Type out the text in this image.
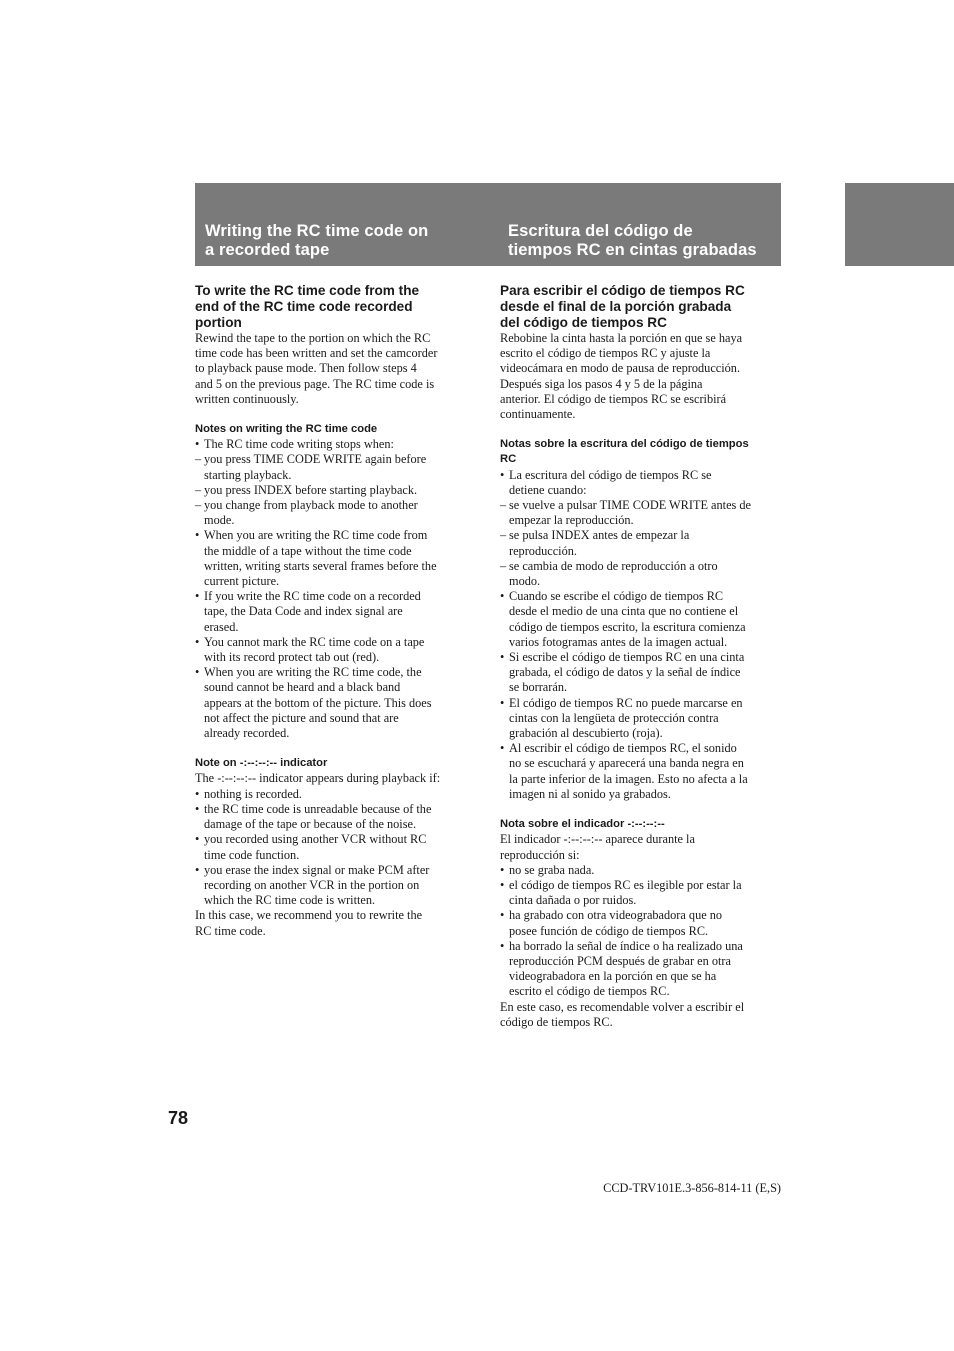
Writing the RC time code on
a recorded tape
Escritura del código de
tiempos RC en cintas grabadas
To write the RC time code from the
end of the RC time code recorded
portion

Rewind the tape to the portion on which the RC
time code has been written and set the camcorder
to playback pause mode. Then follow steps 4
and 5 on the previous page. The RC time code is
written continuously.

Notes on writing the RC time code
• The RC time code writing stops when:
– you press TIME CODE WRITE again before
starting playback.
– you press INDEX before starting playback.
– you change from playback mode to another
mode.
• When you are writing the RC time code from
the middle of a tape without the time code
written, writing starts several frames before the
current picture.
• If you write the RC time code on a recorded
tape, the Data Code and index signal are
erased.
• You cannot mark the RC time code on a tape
with its record protect tab out (red).
• When you are writing the RC time code, the
sound cannot be heard and a black band
appears at the bottom of the picture. This does
not affect the picture and sound that are
already recorded.
Note on -:--:--:-- indicator

The -:--:--:-- indicator appears during playback if:

• nothing is recorded.
• the RC time code is unreadable because of the
damage of the tape or because of the noise.
• you recorded using another VCR without RC
time code function.
• you erase the index signal or make PCM after
recording on another VCR in the portion on
which the RC time code is written.

In this case, we recommend you to rewrite the
RC time code.

Para escribir el código de tiempos RC
desde el final de la porción grabada
del código de tiempos RC

Rebobine la cinta hasta la porción en que se haya
escrito el código de tiempos RC y ajuste la
videocámara en modo de pausa de reproducción.
Después siga los pasos 4 y 5 de la página
anterior. El código de tiempos RC se escribirá
continuamente.

Notas sobre la escritura del código de tiempos
RC
• La escritura del código de tiempos RC se
detiene cuando:
– se vuelve a pulsar TIME CODE WRITE antes de
empezar la reproducción.
– se pulsa INDEX antes de empezar la
reproducción.
– se cambia de modo de reproducción a otro
modo.
• Cuando se escribe el código de tiempos RC
desde el medio de una cinta que no contiene el
código de tiempos escrito, la escritura comienza
varios fotogramas antes de la imagen actual.
• Si escribe el código de tiempos RC en una cinta
grabada, el código de datos y la señal de índice
se borrarán.
• El código de tiempos RC no puede marcarse en
cintas con la lengüeta de protección contra
grabación al descubierto (roja).
• Al escribir el código de tiempos RC, el sonido
no se escuchará y aparecerá una banda negra en
la parte inferior de la imagen. Esto no afecta a la
imagen ni al sonido ya grabados.
Nota sobre el indicador -:--:--:--

El indicador -:--:--:-- aparece durante la
reproducción si:

• no se graba nada.
• el código de tiempos RC es ilegible por estar la
cinta dañada o por ruidos.
• ha grabado con otra videograbadora que no
posee función de código de tiempos RC.
• ha borrado la señal de índice o ha realizado una
reproducción PCM después de grabar en otra
videograbadora en la porción en que se ha
escrito el código de tiempos RC.

En este caso, es recomendable volver a escribir el
código de tiempos RC.

78
CCD-TRV101E.3-856-814-11 (E,S)
